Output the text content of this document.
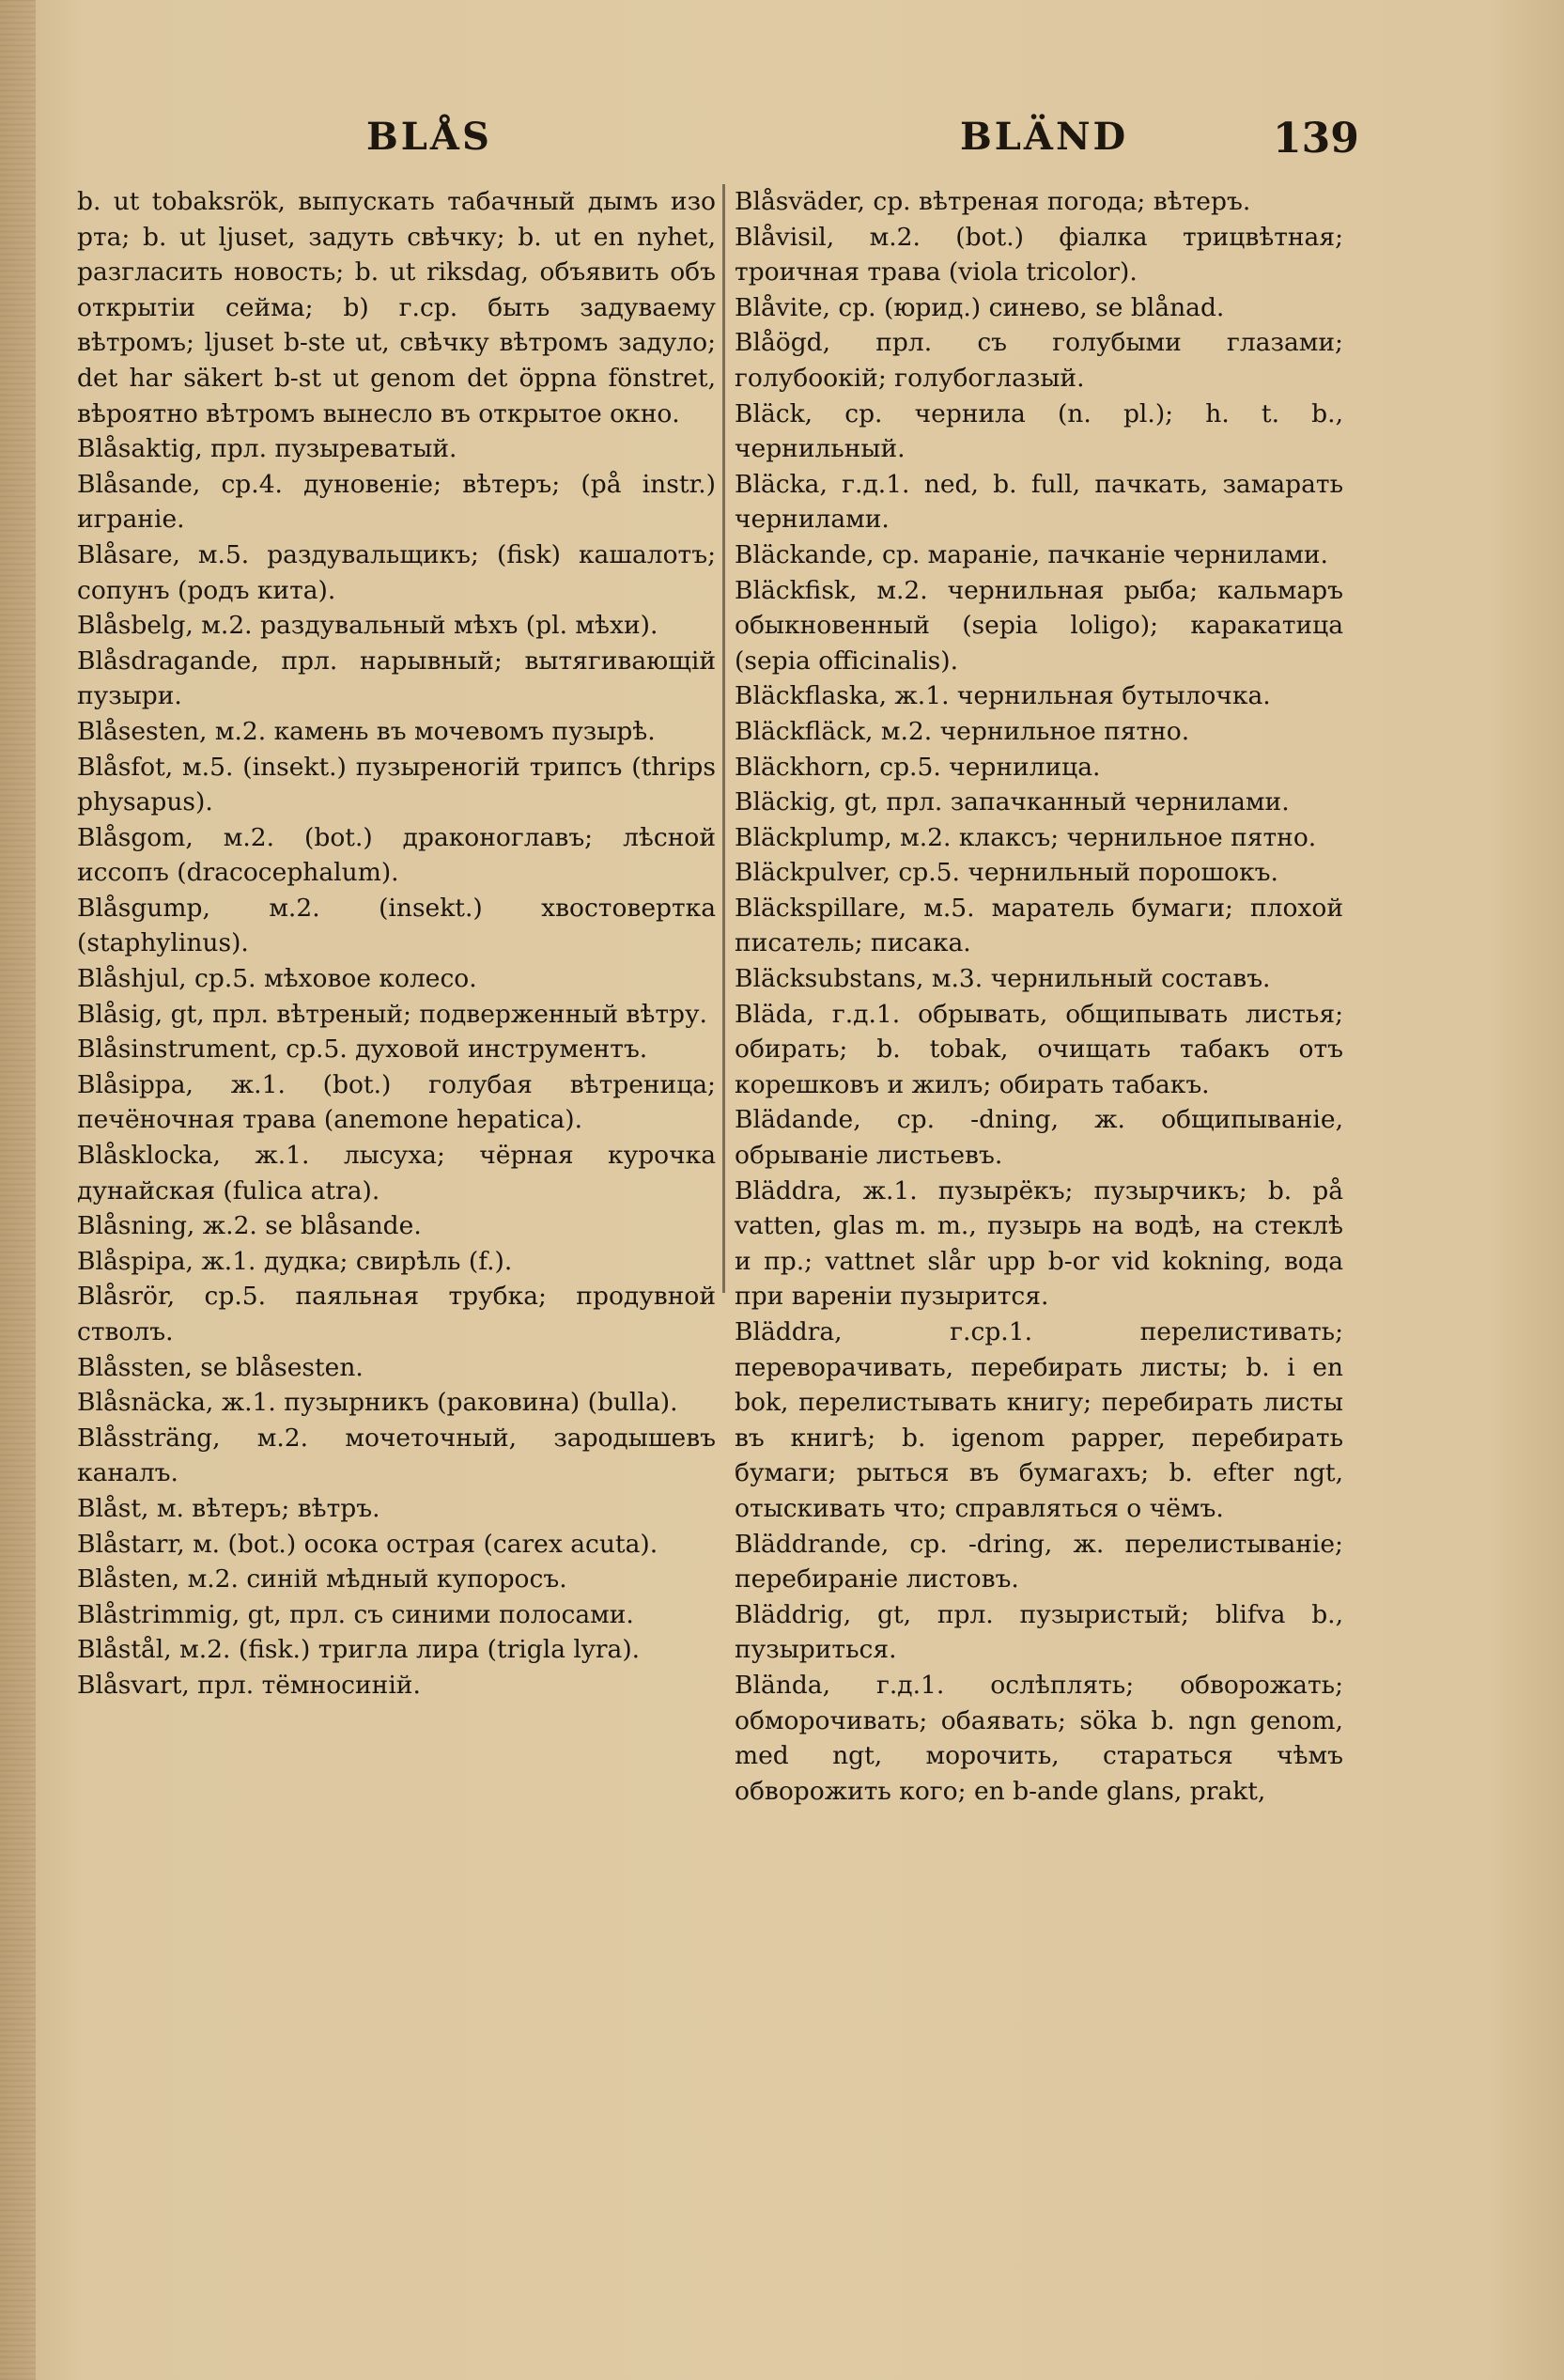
BLÅS	BLÄND	139

b. ut tobaksrök, выпускать табачный дымъ изо рта; b. ut ljuset, задуть свѣчку; b. ut en nyhet, разгласить новость; b. ut riksdag, объявить объ открытіи сейма; b) г.ср. быть задуваему вѣтромъ; ljuset b-ste ut, свѣчку вѣтромъ задуло; det har säkert b-st ut genom det öppna fönstret, вѣроятно вѣтромъ вынесло въ открытое окно.

Blåsaktig, прл. пузыреватый.

Blåsande, ср.4. дуновеніе; вѣтеръ; (på instr.) играніе.

Blåsare, м.5. раздувальщикъ; (fisk) кашалотъ; сопунъ (родъ кита).

Blåsbelg, м.2. раздувальный мѣхъ (pl. мѣхи).

Blåsdragande, прл. нарывный; вытягивающій пузыри.

Blåsesten, м.2. камень въ мочевомъ пузырѣ.

Blåsfot, м.5. (insekt.) пузыреногій трипсъ (thrips physapus).

Blåsgom, м.2. (bot.) драконоглавъ; лѣсной иссопъ (dracocephalum).

Blåsgump, м.2. (insekt.) хвостовертка (staphylinus).

Blåshjul, ср.5. мѣховое колесо.

Blåsig, gt, прл. вѣтреный; подверженный вѣтру.

Blåsinstrument, ср.5. духовой инструментъ.

Blåsippa, ж.1. (bot.) голубая вѣтреница; печёночная трава (anemone hepatica).

Blåsklocka, ж.1. лысуха; чёрная курочка дунайская (fulica atra).

Blåsning, ж.2. se blåsande.

Blåspipa, ж.1. дудка; свирѣль (f.).

Blåsrör, ср.5. паяльная трубка; продувной стволъ.

Blåssten, se blåsesten.

Blåsnäcka, ж.1. пузырникъ (раковина) (bulla).

Blåssträng, м.2. мочеточный, зародышевъ каналъ.

Blåst, м. вѣтеръ; вѣтръ.

Blåstarr, м. (bot.) осока острая (carex acuta).

Blåsten, м.2. синій мѣдный купоросъ.

Blåstrimmig, gt, прл. съ синими полосами.

Blåstål, м.2. (fisk.) тригла лира (trigla lyra).

Blåsvart, прл. тёмносиній.

Blåsväder, ср. вѣтреная погода; вѣтеръ.

Blåvisil, м.2. (bot.) фіалка трицвѣтная; троичная трава (viola tricolor).

Blåvite, ср. (юрид.) синево, se blånad.

Blåögd, прл. съ голубыми глазами; голубоокій; голубоглазый.

Bläck, ср. чернила (n. pl.); h. t. b., чернильный.

Bläcka, г.д.1. ned, b. full, пачкать, замарать чернилами.

Bläckande, ср. мараніе, пачканіе чернилами.

Bläckfisk, м.2. чернильная рыба; кальмаръ обыкновенный (sepia loligo); каракатица (sepia officinalis).

Bläckflaska, ж.1. чернильная бутылочка.

Bläckfläck, м.2. чернильное пятно.

Bläckhorn, ср.5. чернилица.

Bläckig, gt, прл. запачканный чернилами.

Bläckplump, м.2. клаксъ; чернильное пятно.

Bläckpulver, ср.5. чернильный порошокъ.

Bläckspillare, м.5. маратель бумаги; плохой писатель; писака.

Bläcksubstans, м.3. чернильный составъ.

Bläda, г.д.1. обрывать, общипывать листья; обирать; b. tobak, очищать табакъ отъ корешковъ и жилъ; обирать табакъ.

Blädande, ср. -dning, ж. общипываніе, обрываніе листьевъ.

Bläddra, ж.1. пузырёкъ; пузырчикъ; b. på vatten, glas m. m., пузырь на водѣ, на стеклѣ и пр.; vattnet slår upp b-or vid kokning, вода при вареніи пузырится.

Bläddra, г.ср.1. перелистивать; переворачивать, перебирать листы; b. i en bok, перелистывать книгу; перебирать листы въ книгѣ; b. igenom papper, перебирать бумаги; рыться въ бумагахъ; b. efter ngt, отыскивать что; справляться о чёмъ.

Bläddrande, ср. -dring, ж. перелистываніе; перебираніе листовъ.

Bläddrig, gt, прл. пузыристый; blifva b., пузыриться.

Blända, г.д.1. ослѣплять; обворожать; обморочивать; обаявать; söka b. ngn genom, med ngt, морочить, стараться чѣмъ обворожить кого; en b-ande glans, prakt,
